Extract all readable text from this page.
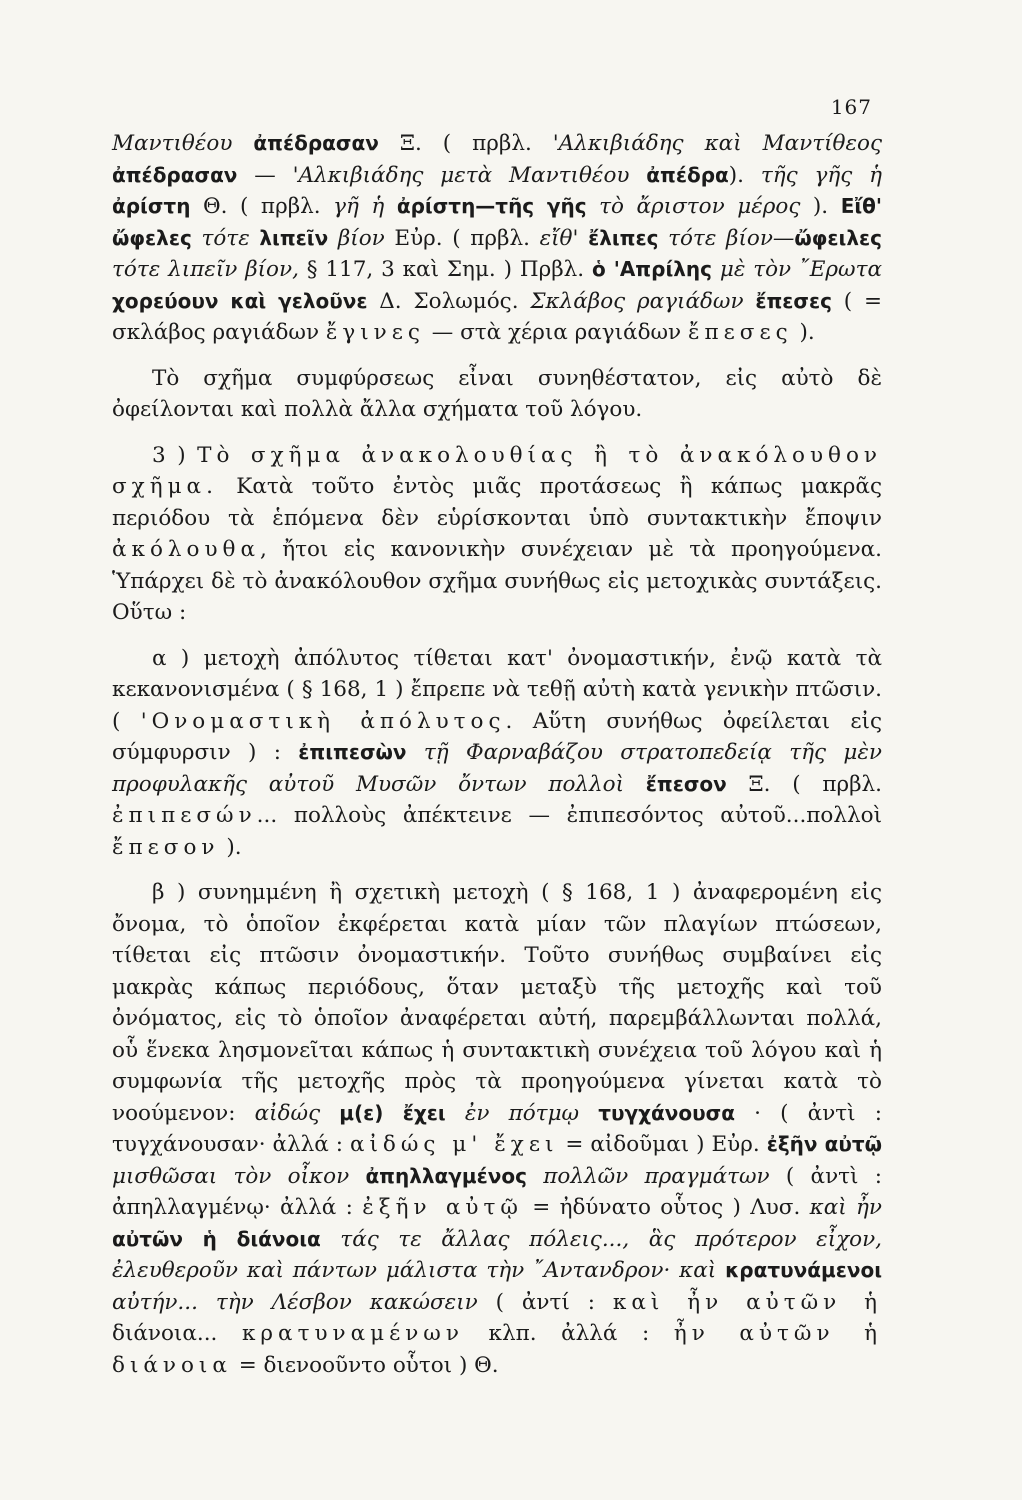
167

Μαντιθέου ἀπέδρασαν Ξ. ( πρβλ. 'Αλκιβιάδης καὶ Μαντίθεος ἀπέδρασαν — 'Αλκιβιάδης μετὰ Μαντιθέου ἀπέδρα). τῆς γῆς ἡ ἀρίστη Θ. ( πρβλ. γῆ ἡ ἀρίστη—τῆς γῆς τὸ ἄριστον μέρος ). Εἴθ' ὤφελες τότε λιπεῖν βίον Εὐρ. ( πρβλ. εἴθ' ἔλιπες τότε βίον—ὤφειλες τότε λιπεῖν βίον, § 117, 3 καὶ Σημ. ) Πρβλ. ὁ 'Απρίλης μὲ τὸν ῎Ερωτα χορεύουν καὶ γελοῦνε Δ. Σολωμός. Σκλάβος ραγιάδων ἔπεσες ( = σκλάβος ραγιάδων ἔγινες — στὰ χέρια ραγιάδων ἔπεσες ).

Τὸ σχῆμα συμφύρσεως εἶναι συνηθέστατον, εἰς αὐτὸ δὲ ὀφείλονται καὶ πολλὰ ἄλλα σχήματα τοῦ λόγου.

3 ) Τὸ σχῆμα ἀνακολουθίας ἢ τὸ ἀνακόλουθον σχῆμα. Κατὰ τοῦτο ἐντὸς μιᾶς προτάσεως ἢ κάπως μακρᾶς περιόδου τὰ ἑπόμενα δὲν εὑρίσκονται ὑπὸ συντακτικὴν ἔποψιν ἀκόλουθα, ἤτοι εἰς κανονικὴν συνέχειαν μὲ τὰ προηγούμενα. Ὑπάρχει δὲ τὸ ἀνακόλουθον σχῆμα συνήθως εἰς μετοχικὰς συντάξεις. Οὕτω :

α ) μετοχὴ ἀπόλυτος τίθεται κατ' ὀνομαστικήν, ἐνῷ κατὰ τὰ κεκανονισμένα ( § 168, 1 ) ἔπρεπε νὰ τεθῇ αὐτὴ κατὰ γενικὴν πτῶσιν. ( 'Ονομαστικὴ ἀπόλυτος. Αὕτη συνήθως ὀφείλεται εἰς σύμφυρσιν ) : ἐπιπεσὼν τῇ Φαρναβάζου στρατοπεδείᾳ τῆς μὲν προφυλακῆς αὐτοῦ Μυσῶν ὄντων πολλοὶ ἔπεσον Ξ. ( πρβλ. ἐπιπεσών... πολλοὺς ἀπέκτεινε — ἐπιπεσόντος αὐτοῦ...πολλοὶ ἔπεσον ).

β ) συνημμένη ἢ σχετικὴ μετοχὴ ( § 168, 1 ) ἀναφερομένη εἰς ὄνομα, τὸ ὁποῖον ἐκφέρεται κατὰ μίαν τῶν πλαγίων πτώσεων, τίθεται εἰς πτῶσιν ὀνομαστικήν. Τοῦτο συνήθως συμβαίνει εἰς μακρὰς κάπως περιόδους, ὅταν μεταξὺ τῆς μετοχῆς καὶ τοῦ ὀνόματος, εἰς τὸ ὁποῖον ἀναφέρεται αὐτή, παρεμβάλλωνται πολλά, οὗ ἕνεκα λησμονεῖται κάπως ἡ συντακτικὴ συνέχεια τοῦ λόγου καὶ ἡ συμφωνία τῆς μετοχῆς πρὸς τὰ προηγούμενα γίνεται κατὰ τὸ νοούμενον: αἰδώς μ(ε) ἔχει ἐν πότμῳ τυγχάνουσα · ( ἀντὶ : τυγχάνουσαν· ἀλλά : αἰδώς μ' ἔχει = αἰδοῦμαι ) Εὐρ. ἐξῆν αὐτῷ μισθῶσαι τὸν οἶκον ἀπηλλαγμένος πολλῶν πραγμάτων ( ἀντὶ : ἀπηλλαγμένῳ· ἀλλά : ἐξῆν αὐτῷ = ἠδύνατο οὗτος ) Λυσ. καὶ ἦν αὐτῶν ἡ διάνοια τάς τε ἄλλας πόλεις..., ἃς πρότερον εἶχον, ἐλευθεροῦν καὶ πάντων μάλιστα τὴν ῎Αντανδρον· καὶ κρατυνάμενοι αὐτήν... τὴν Λέσβον κακώσειν ( ἀντί : καὶ ἦν αὐτῶν ἡ διάνοια... κρατυναμένων κλπ. ἀλλά : ἦν αὐτῶν ἡ διάνοια = διενοοῦντο οὗτοι ) Θ.
